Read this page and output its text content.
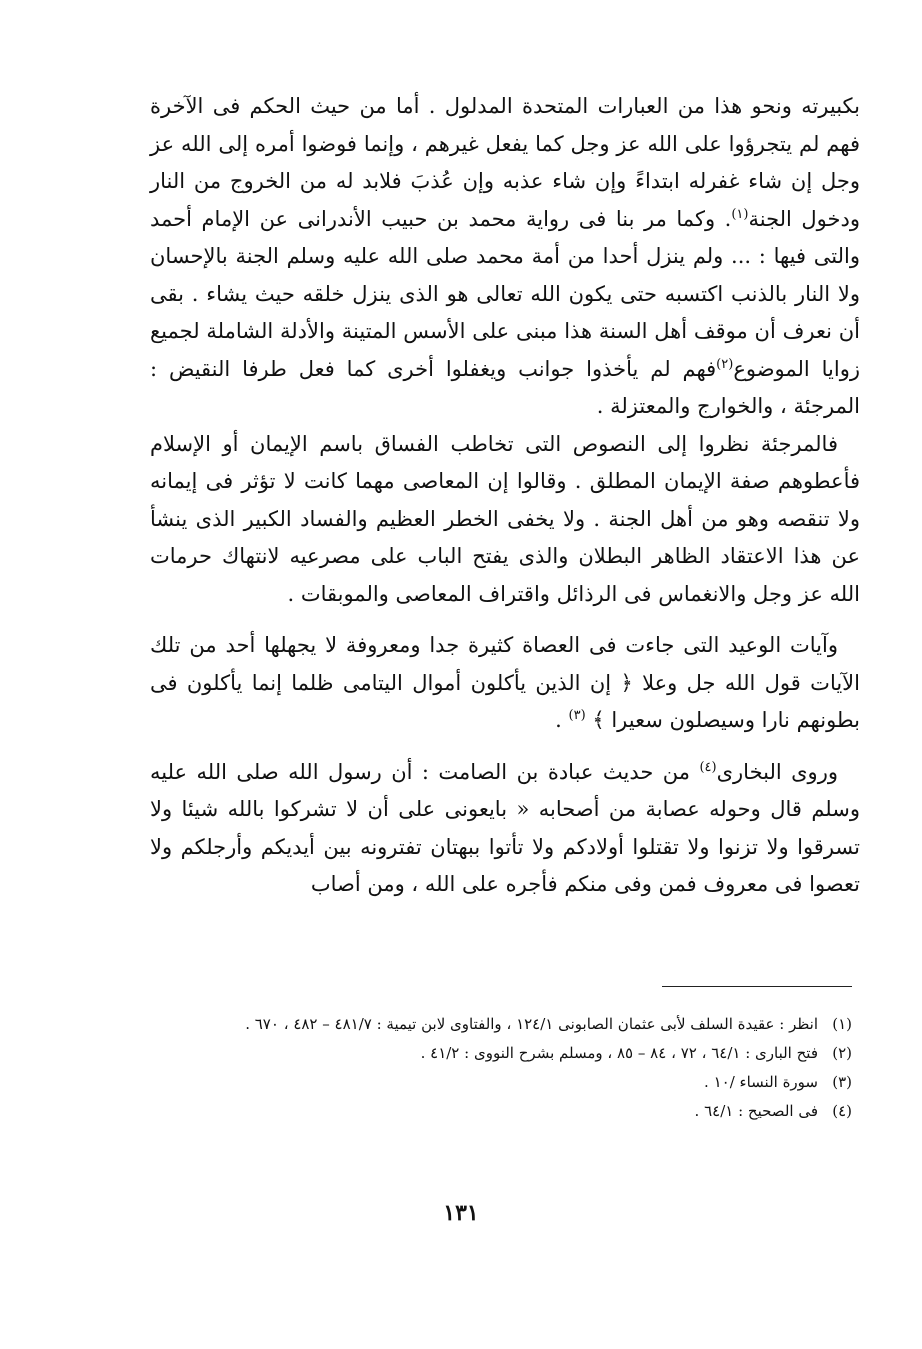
بكبيرته ونحو هذا من العبارات المتحدة المدلول . أما من حيث الحكم فى الآخرة فهم لم يتجرؤوا على الله عز وجل كما يفعل غيرهم ، وإنما فوضوا أمره إلى الله عز وجل إن شاء غفرله ابتداءً وإن شاء عذبه وإن عُذبَ فلابد له من الخروج من النار ودخول الجنة$^{(١)}$. وكما مر بنا فى رواية محمد بن حبيب الأندرانى عن الإمام أحمد والتى فيها : ... ولم ينزل أحدا من أمة محمد صلى الله عليه وسلم الجنة بالإحسان ولا النار بالذنب اكتسبه حتى يكون الله تعالى هو الذى ينزل خلقه حيث يشاء . بقى أن نعرف أن موقف أهل السنة هذا مبنى على الأسس المتينة والأدلة الشاملة لجميع زوايا الموضوع$^{(٢)}$فهم لم يأخذوا جوانب ويغفلوا أخرى كما فعل طرفا النقيض : المرجئة ، والخوارج والمعتزلة .

فالمرجئة نظروا إلى النصوص التى تخاطب الفساق باسم الإيمان أو الإسلام فأعطوهم صفة الإيمان المطلق . وقالوا إن المعاصى مهما كانت لا تؤثر فى إيمانه ولا تنقصه وهو من أهل الجنة . ولا يخفى الخطر العظيم والفساد الكبير الذى ينشأ عن هذا الاعتقاد الظاهر البطلان والذى يفتح الباب على مصرعيه لانتهاك حرمات الله عز وجل والانغماس فى الرذائل واقتراف المعاصى والموبقات .

وآيات الوعيد التى جاءت فى العصاة كثيرة جدا ومعروفة لا يجهلها أحد من تلك الآيات قول الله جل وعلا ﴿ إن الذين يأكلون أموال اليتامى ظلما إنما يأكلون فى بطونهم نارا وسيصلون سعيرا ﴾ $^{(٣)}$ .

وروى البخارى$^{(٤)}$ من حديث عبادة بن الصامت : أن رسول الله صلى الله عليه وسلم قال وحوله عصابة من أصحابه « بايعونى على أن لا تشركوا بالله شيئا ولا تسرقوا ولا تزنوا ولا تقتلوا أولادكم ولا تأتوا ببهتان تفترونه بين أيديكم وأرجلكم ولا تعصوا فى معروف فمن وفى منكم فأجره على الله ، ومن أصاب

(١)
انظر : عقيدة السلف لأبى عثمان الصابونى ١٢٤/١ ، والفتاوى لابن تيمية : ٤٨١/٧ – ٤٨٢ ، ٦٧٠ .

(٢)
فتح البارى : ٦٤/١ ، ٧٢ ، ٨٤ – ٨٥ ، ومسلم بشرح النووى : ٤١/٢ .

(٣)
سورة النساء /١٠ .

(٤)
فى الصحيح : ٦٤/١ .

١٣١
